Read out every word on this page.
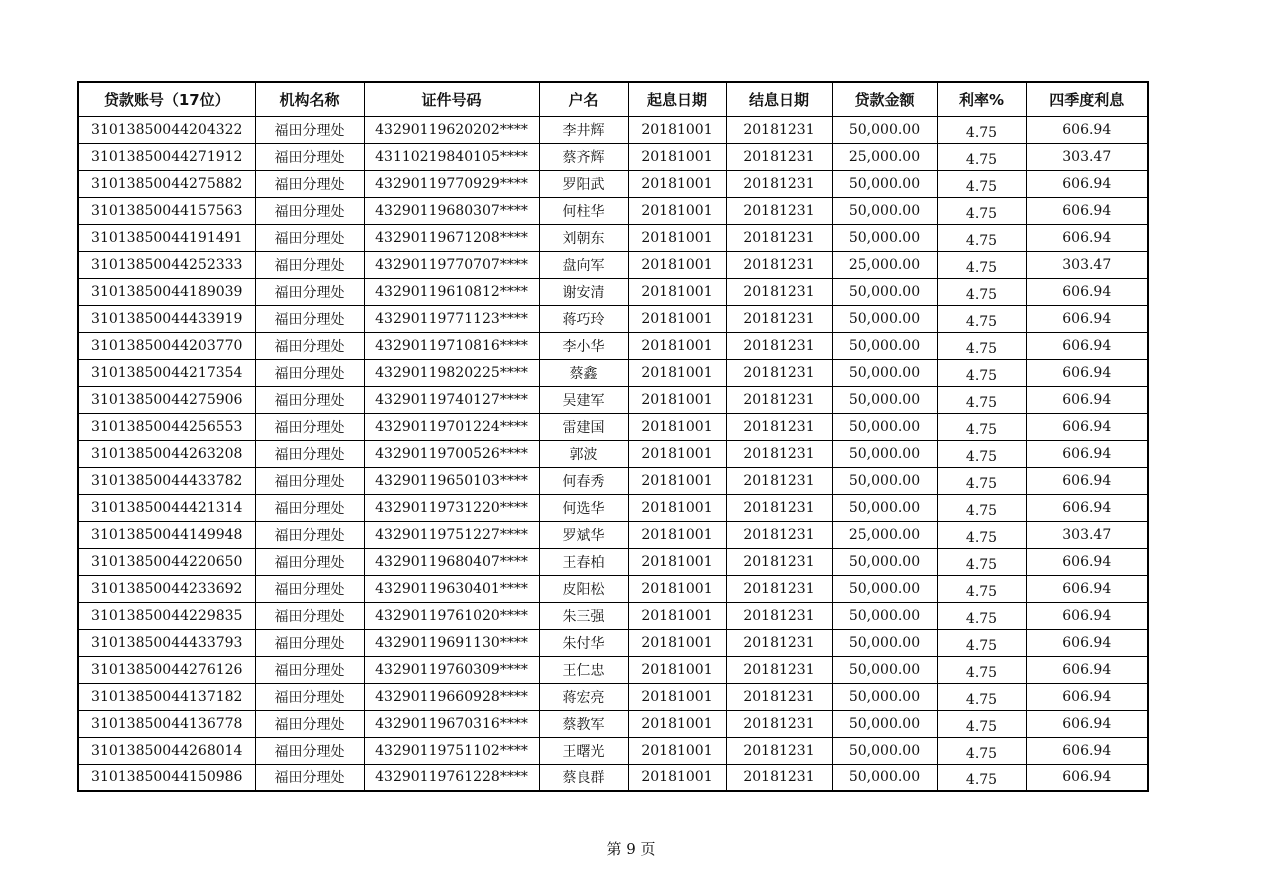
贷款账号（17位）	机构名称	证件号码	户名	起息日期	结息日期	贷款金额	利率%	四季度利息
31013850044204322	福田分理处	43290119620202****	李井辉	20181001	20181231	50,000.00	4.75	606.94
31013850044271912	福田分理处	43110219840105****	蔡齐辉	20181001	20181231	25,000.00	4.75	303.47
31013850044275882	福田分理处	43290119770929****	罗阳武	20181001	20181231	50,000.00	4.75	606.94
31013850044157563	福田分理处	43290119680307****	何柱华	20181001	20181231	50,000.00	4.75	606.94
31013850044191491	福田分理处	43290119671208****	刘朝东	20181001	20181231	50,000.00	4.75	606.94
31013850044252333	福田分理处	43290119770707****	盘向军	20181001	20181231	25,000.00	4.75	303.47
31013850044189039	福田分理处	43290119610812****	谢安清	20181001	20181231	50,000.00	4.75	606.94
31013850044433919	福田分理处	43290119771123****	蒋巧玲	20181001	20181231	50,000.00	4.75	606.94
31013850044203770	福田分理处	43290119710816****	李小华	20181001	20181231	50,000.00	4.75	606.94
31013850044217354	福田分理处	43290119820225****	蔡鑫	20181001	20181231	50,000.00	4.75	606.94
31013850044275906	福田分理处	43290119740127****	吴建军	20181001	20181231	50,000.00	4.75	606.94
31013850044256553	福田分理处	43290119701224****	雷建国	20181001	20181231	50,000.00	4.75	606.94
31013850044263208	福田分理处	43290119700526****	郭波	20181001	20181231	50,000.00	4.75	606.94
31013850044433782	福田分理处	43290119650103****	何春秀	20181001	20181231	50,000.00	4.75	606.94
31013850044421314	福田分理处	43290119731220****	何选华	20181001	20181231	50,000.00	4.75	606.94
31013850044149948	福田分理处	43290119751227****	罗斌华	20181001	20181231	25,000.00	4.75	303.47
31013850044220650	福田分理处	43290119680407****	王春柏	20181001	20181231	50,000.00	4.75	606.94
31013850044233692	福田分理处	43290119630401****	皮阳松	20181001	20181231	50,000.00	4.75	606.94
31013850044229835	福田分理处	43290119761020****	朱三强	20181001	20181231	50,000.00	4.75	606.94
31013850044433793	福田分理处	43290119691130****	朱付华	20181001	20181231	50,000.00	4.75	606.94
31013850044276126	福田分理处	43290119760309****	王仁忠	20181001	20181231	50,000.00	4.75	606.94
31013850044137182	福田分理处	43290119660928****	蒋宏亮	20181001	20181231	50,000.00	4.75	606.94
31013850044136778	福田分理处	43290119670316****	蔡教军	20181001	20181231	50,000.00	4.75	606.94
31013850044268014	福田分理处	43290119751102****	王曙光	20181001	20181231	50,000.00	4.75	606.94
31013850044150986	福田分理处	43290119761228****	蔡良群	20181001	20181231	50,000.00	4.75	606.94
第 9 页
